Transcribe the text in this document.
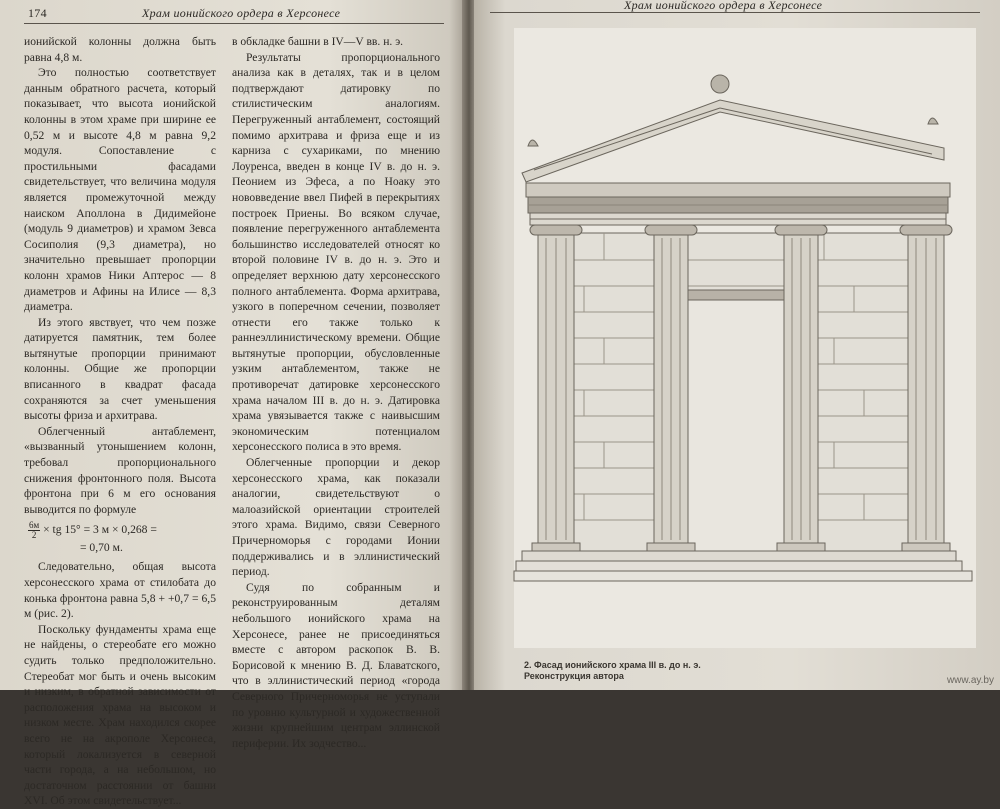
174	Храм ионийского ордера в Херсонесе

ионийской колонны должна быть равна 4,8 м.

Это полностью соответствует данным обратного расчета, который показывает, что высота ионийской колонны в этом храме при ширине ее 0,52 м и высоте 4,8 м равна 9,2 модуля. Сопоставление с простильными фасадами свидетельствует, что величина модуля является промежуточной между наиском Аполлона в Дидимейоне (модуль 9 диаметров) и храмом Зевса Сосиполия (9,3 диаметра), но значительно превышает пропорции колонн храмов Ники Аптерос — 8 диаметров и Афины на Илисе — 8,3 диаметра.

Из этого явствует, что чем позже датируется памятник, тем более вытянутые пропорции принимают колонны. Общие же пропорции вписанного в квадрат фасада сохраняются за счет уменьшения высоты фриза и архитрава.

Облегченный антаблемент, «вызванный утонышением колонн, требовал пропорционального снижения фронтонного поля. Высота фронтона при 6 м его основания выводится по формуле

$\frac{6м}{2}$ × tg 15° = 3 м × 0,268 =
= 0,70 м.

Следовательно, общая высота херсонесского храма от стилобата до конька фронтона равна 5,8 + +0,7 = 6,5 м (рис. 2).

Поскольку фундаменты храма еще не найдены, о стереобате его можно судить только предположительно. Стереобат мог быть и очень высоким и низким, в обратной зависимости от расположения храма на высоком и низком месте. Храм находился скорее всего не на акрополе Херсонеса, который локализуется в северной части города, а на небольшом, но достаточном расстоянии от башни XVI. Об этом свидетельствует...

в обкладке башни в IV—V вв. н. э.

Результаты пропорционального анализа как в деталях, так и в целом подтверждают датировку по стилистическим аналогиям. Перегруженный антаблемент, состоящий помимо архитрава и фриза еще и из карниза с сухариками, по мнению Лоуренса, введен в конце IV в. до н. э. Пеонием из Эфеса, а по Ноаку это нововведение ввел Пифей в перекрытиях построек Приены. Во всяком случае, появление перегруженного антаблемента большинство исследователей относят ко второй половине IV в. до н. э. Это и определяет верхнюю дату херсонесского полного антаблемента. Форма архитрава, узкого в поперечном сечении, позволяет отнести его также только к раннеэллинистическому времени. Общие вытянутые пропорции, обусловленные узким антаблементом, также не противоречат датировке херсонесского храма началом III в. до н. э. Датировка храма увязывается также с наивысшим экономическим потенциалом херсонесского полиса в это время.

Облегченные пропорции и декор херсонесского храма, как показали аналогии, свидетельствуют о малоазийской ориентации строителей этого храма. Видимо, связи Северного Причерноморья с городами Ионии поддерживались и в эллинистический период.

Судя по собранным и реконструированным деталям небольшого ионийского храма на Херсонесе, ранее не присоединяться вместе с автором раскопок В. В. Борисовой к мнению В. Д. Блаватского, что в эллинистический период «города Северного Причерноморья не уступали по уровню культурной и художественной жизни крупнейшим центрам эллинской периферии. Их зодчество...

Храм ионийского ордера в Херсонесе
2. Фасад ионийского храма III в. до н. э.
Реконструкция автора	www.ay.by
